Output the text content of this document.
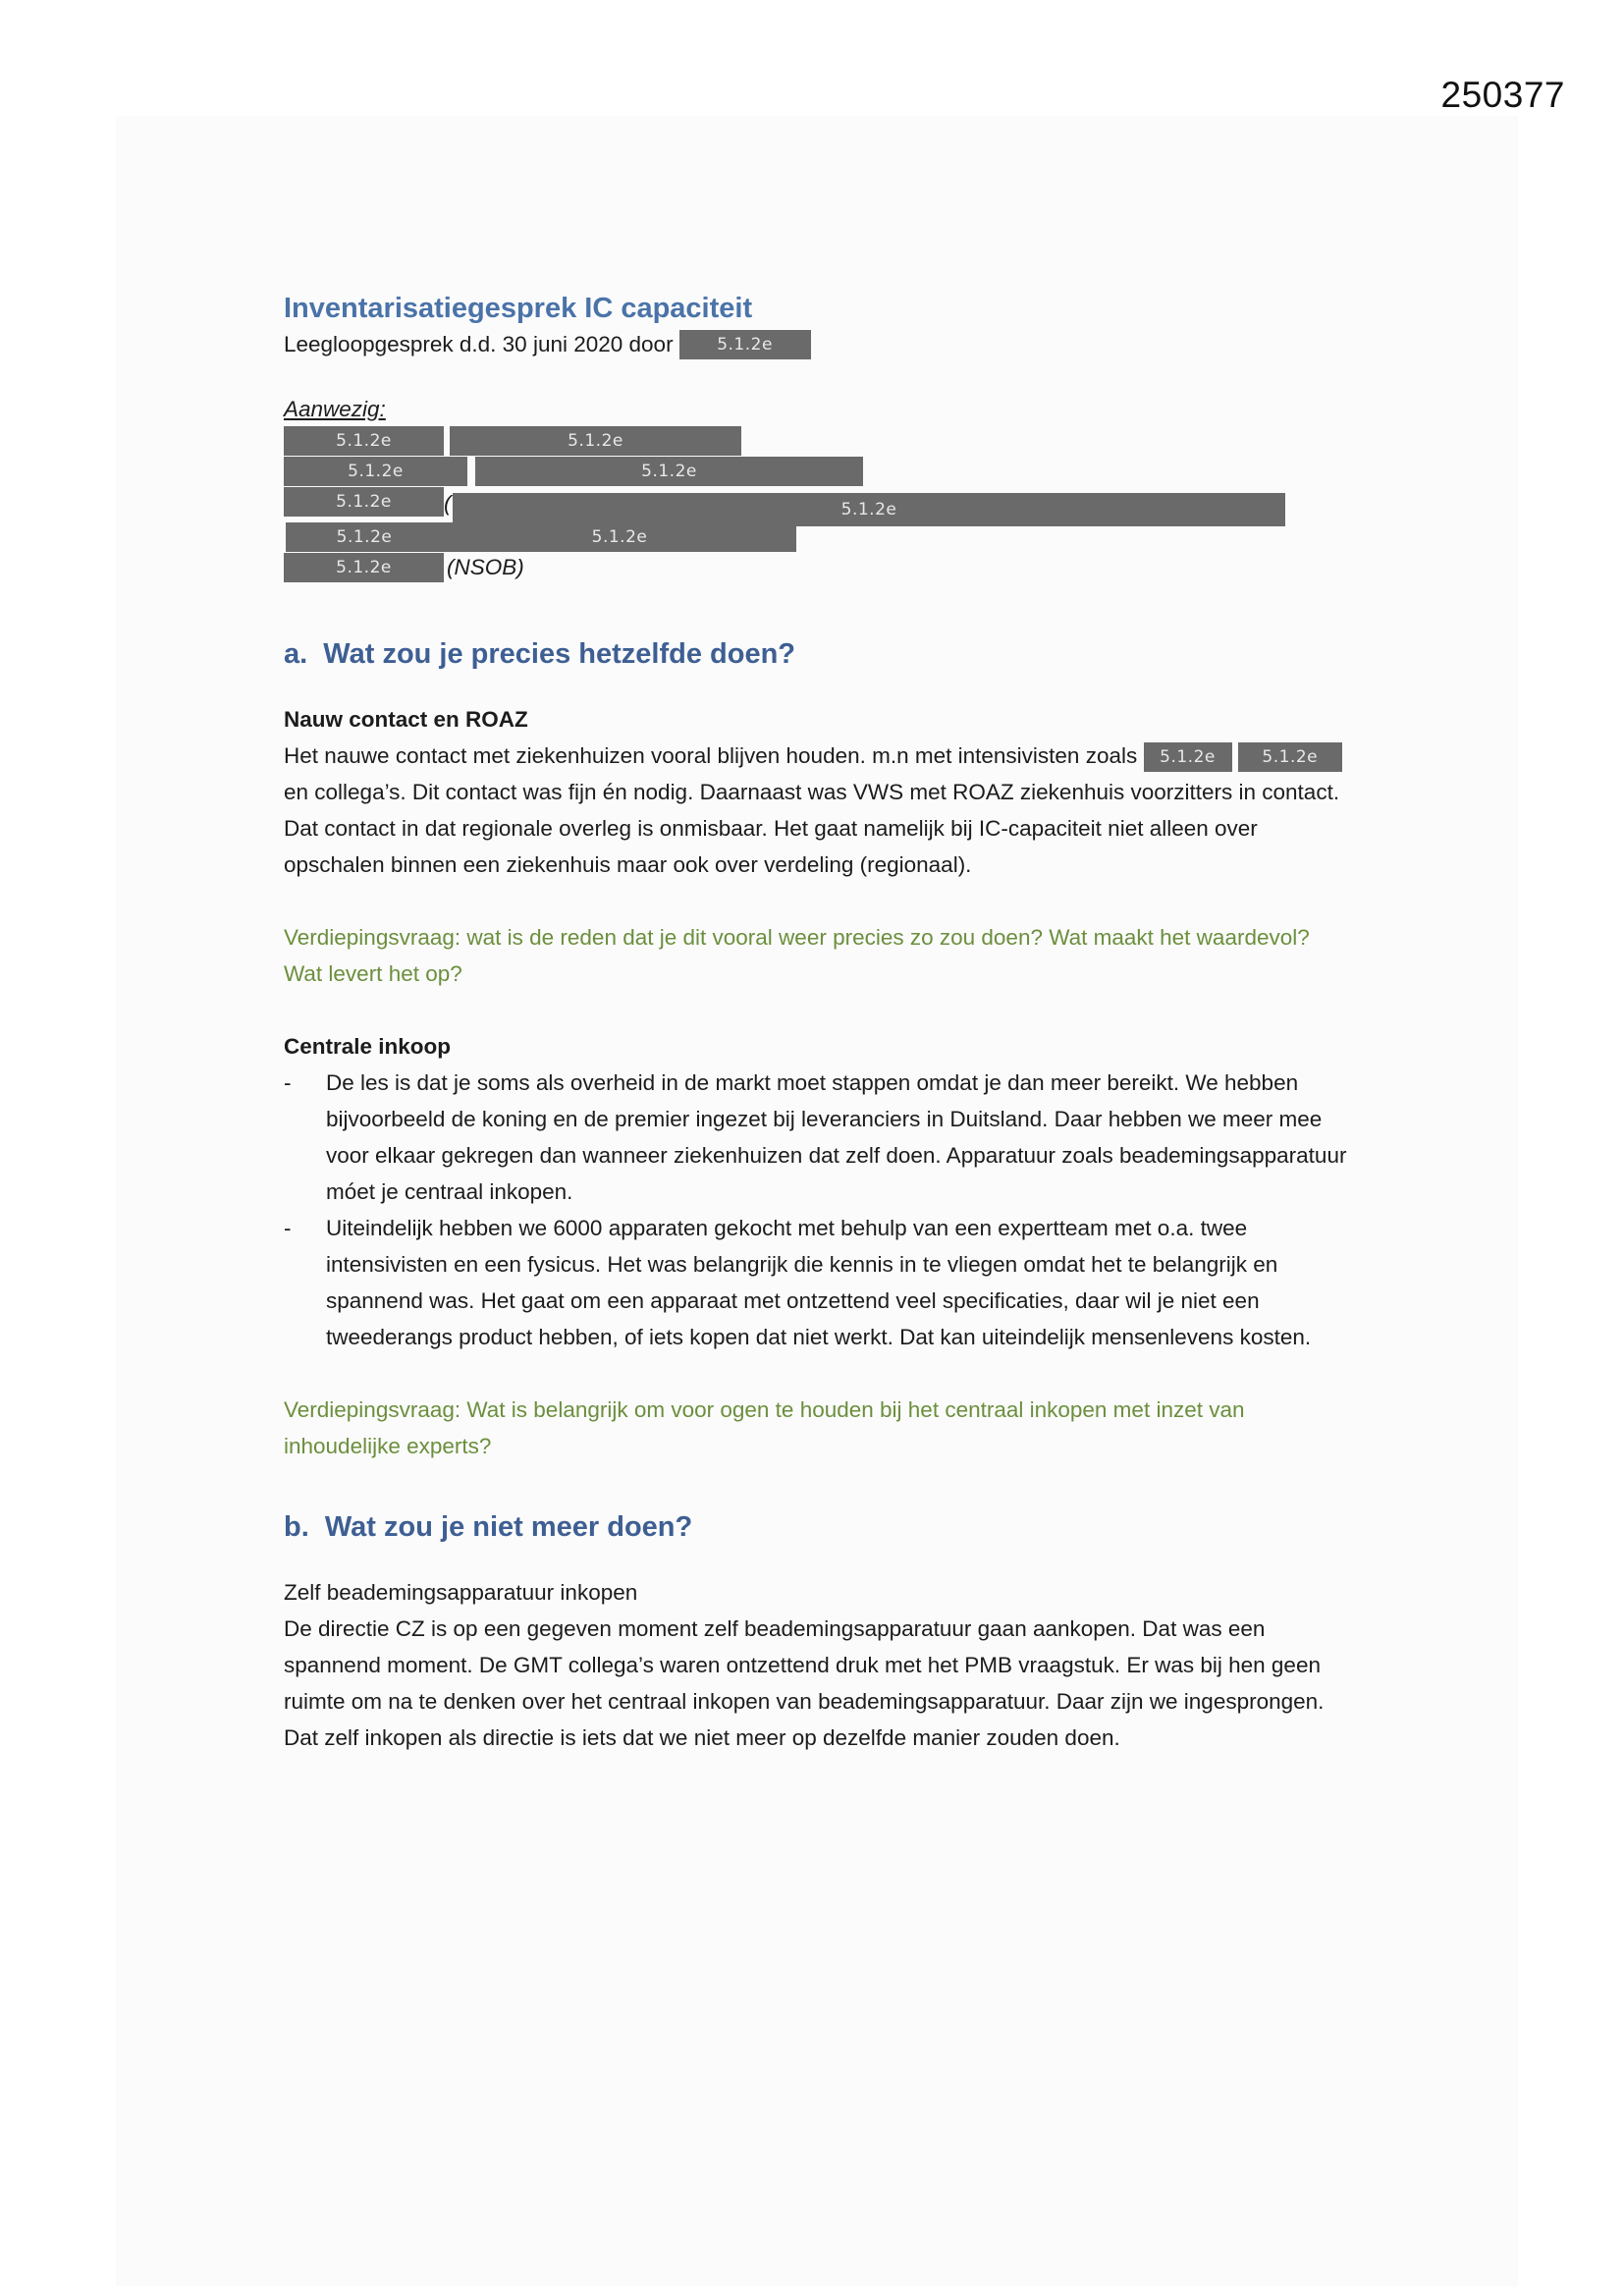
250377
Inventarisatiegesprek IC capaciteit
Leegloopgesprek d.d. 30 juni 2020 door	5.1.2e
Aanwezig:
5.1.2e	5.1.2e
5.1.2e	5.1.2e
5.1.2e	(	5.1.2e
5.1.2e	5.1.2e
5.1.2e	(NSOB)
a.  Wat zou je precies hetzelfde doen?

Nauw contact en ROAZ

Het nauwe contact met ziekenhuizen vooral blijven houden. m.n met intensivisten zoals 5.1.2e	5.1.2e en collega’s. Dit contact was fijn én nodig. Daarnaast was VWS met ROAZ ziekenhuis voorzitters in contact. Dat contact in dat regionale overleg is onmisbaar. Het gaat namelijk bij IC-capaciteit niet alleen over opschalen binnen een ziekenhuis maar ook over verdeling (regionaal).

Verdiepingsvraag: wat is de reden dat je dit vooral weer precies zo zou doen? Wat maakt het waardevol? Wat levert het op?

Centrale inkoop

- De les is dat je soms als overheid in de markt moet stappen omdat je dan meer bereikt. We hebben bijvoorbeeld de koning en de premier ingezet bij leveranciers in Duitsland. Daar hebben we meer mee voor elkaar gekregen dan wanneer ziekenhuizen dat zelf doen. Apparatuur zoals beademingsapparatuur móet je centraal inkopen.
- Uiteindelijk hebben we 6000 apparaten gekocht met behulp van een expertteam met o.a. twee intensivisten en een fysicus. Het was belangrijk die kennis in te vliegen omdat het te belangrijk en spannend was. Het gaat om een apparaat met ontzettend veel specificaties, daar wil je niet een tweederangs product hebben, of iets kopen dat niet werkt. Dat kan uiteindelijk mensenlevens kosten.

Verdiepingsvraag: Wat is belangrijk om voor ogen te houden bij het centraal inkopen met inzet van inhoudelijke experts?

b.  Wat zou je niet meer doen?

Zelf beademingsapparatuur inkopen

De directie CZ is op een gegeven moment zelf beademingsapparatuur gaan aankopen. Dat was een spannend moment. De GMT collega’s waren ontzettend druk met het PMB vraagstuk. Er was bij hen geen ruimte om na te denken over het centraal inkopen van beademingsapparatuur. Daar zijn we ingesprongen. Dat zelf inkopen als directie is iets dat we niet meer op dezelfde manier zouden doen.
